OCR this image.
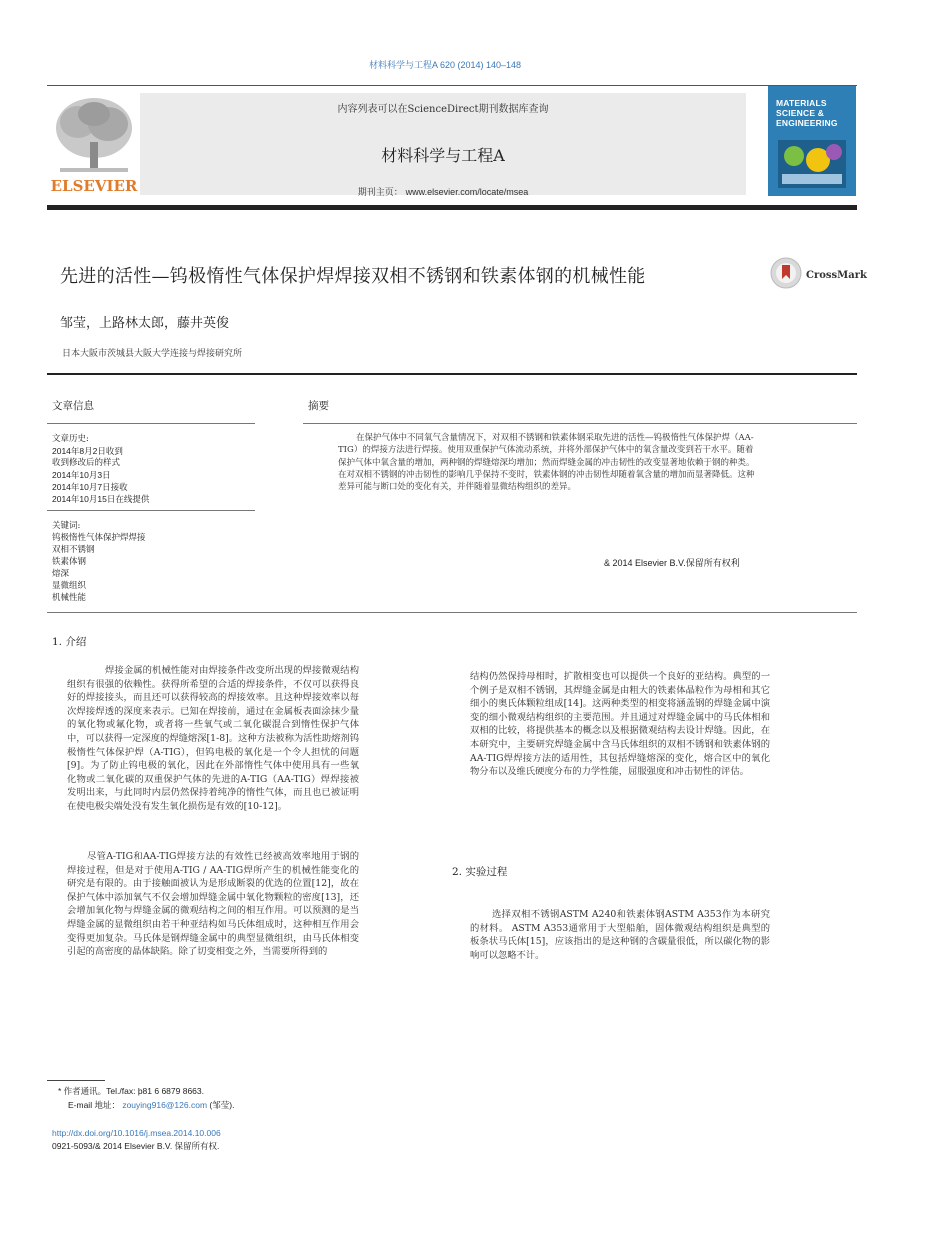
材料科学与工程A 620 (2014) 140–148
ELSEVIER
内容列表可以在ScienceDirect期刊数据库查询
材料科学与工程A
期刊主页： www.elsevier.com/locate/msea
MATERIALS
SCIENCE &
ENGINEERING
先进的活性—钨极惰性气体保护焊焊接双相不锈钢和铁素体钢的机械性能	CrossMark
邹莹，上路林太郎，藤井英俊
日本大阪市茨城县大阪大学连接与焊接研究所
文章信息
文章历史:
2014年8月2日收到
收到修改后的样式
2014年10月3日
2014年10月7日接收
2014年10月15日在线提供
关键词:
钨极惰性气体保护焊焊接
双相不锈钢
铁素体钢
熔深
显微组织
机械性能
摘要
在保护气体中不同氧气含量情况下，对双相不锈钢和铁素体钢采取先进的活性—钨极惰性气体保护焊（AA-TIG）的焊接方法进行焊接。使用双重保护气体流动系统，并将外部保护气体中的氧含量改变到若干水平。随着保护气体中氧含量的增加，两种钢的焊缝熔深均增加；然而焊缝金属的冲击韧性的改变显著地依赖于钢的种类。在对双相不锈钢的冲击韧性的影响几乎保持不变时，铁素体钢的冲击韧性却随着氧含量的增加而显著降低。这种差异可能与断口处的变化有关，并伴随着显微结构组织的差异。
& 2014 Elsevier B.V.保留所有权利
1. 介绍
焊接金属的机械性能对由焊接条件改变所出现的焊接微观结构组织有很强的依赖性。获得所希望的合适的焊接条件，不仅可以获得良好的焊接接头，而且还可以获得较高的焊接效率。且这种焊接效率以每次焊接焊透的深度来表示。已知在焊接前，通过在金属板表面涂抹少量的氧化物或氟化物，或者将一些氧气或二氧化碳混合到惰性保护气体中，可以获得一定深度的焊缝熔深[1-8]。这种方法被称为活性助熔剂钨极惰性气体保护焊（A-TIG），但钨电极的氧化是一个令人担忧的问题[9]。为了防止钨电极的氧化，因此在外部惰性气体中使用具有一些氧化物或二氧化碳的双重保护气体的先进的A-TIG（AA-TIG）焊焊接被发明出来，与此同时内层仍然保持着纯净的惰性气体，而且也已被证明在使电极尖端处没有发生氧化损伤是有效的[10-12]。
尽管A-TIG和AA-TIG焊接方法的有效性已经被高效率地用于钢的焊接过程，但是对于使用A-TIG / AA-TIG焊所产生的机械性能变化的研究是有限的。由于接触面被认为是形成断裂的优选的位置[12]，故在保护气体中添加氧气不仅会增加焊缝金属中氧化物颗粒的密度[13]，还会增加氧化物与焊缝金属的微观结构之间的相互作用。可以预测的是当焊缝金属的显微组织由若干种亚结构如马氏体组成时，这种相互作用会变得更加复杂。马氏体是钢焊缝金属中的典型显微组织，由马氏体相变引起的高密度的晶体缺陷。除了切变相变之外，当需要所得到的
结构仍然保持母相时，扩散相变也可以提供一个良好的亚结构。典型的一个例子是双相不锈钢，其焊缝金属是由粗大的铁素体晶粒作为母相和其它细小的奥氏体颗粒组成[14]。这两种类型的相变将涵盖钢的焊缝金属中演变的细小微观结构组织的主要范围。并且通过对焊缝金属中的马氏体相和双相的比较，将提供基本的概念以及根据微观结构去设计焊缝。因此，在本研究中，主要研究焊缝金属中含马氏体组织的双相不锈钢和铁素体钢的AA-TIG焊焊接方法的适用性，其包括焊缝熔深的变化，熔合区中的氧化物分布以及维氏硬度分布的力学性能，屈服强度和冲击韧性的评估。
2. 实验过程
选择双相不锈钢ASTM A240和铁素体钢ASTM A353作为本研究的材料。 ASTM A353通常用于大型船舶，固体微观结构组织是典型的板条状马氏体[15]，应该指出的是这种钢的含碳量很低，所以碳化物的影响可以忽略不计。
* 作者通讯。Tel./fax: þ81 6 6879 8663.
E-mail 地址： zouying916@126.com (邹莹).
http://dx.doi.org/10.1016/j.msea.2014.10.006
0921-5093/& 2014 Elsevier B.V. 保留所有权.
